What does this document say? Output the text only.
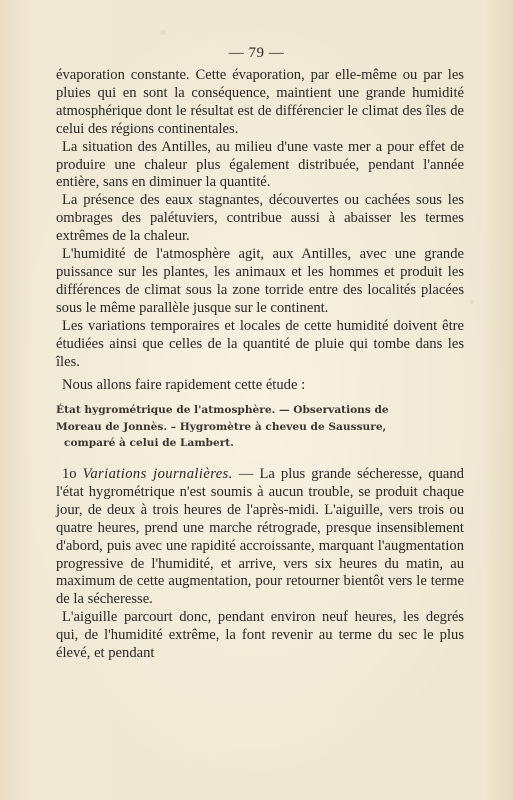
— 79 —

évaporation constante. Cette évaporation, par elle-même ou par les pluies qui en sont la conséquence, maintient une grande humidité atmosphérique dont le résultat est de différencier le climat des îles de celui des régions continentales.

La situation des Antilles, au milieu d'une vaste mer a pour effet de produire une chaleur plus également distribuée, pendant l'année entière, sans en diminuer la quantité.

La présence des eaux stagnantes, découvertes ou cachées sous les ombrages des palétuviers, contribue aussi à abaisser les termes extrêmes de la chaleur.

L'humidité de l'atmosphère agit, aux Antilles, avec une grande puissance sur les plantes, les animaux et les hommes et produit les différences de climat sous la zone torride entre des localités placées sous le même parallèle jusque sur le continent.

Les variations temporaires et locales de cette humidité doivent être étudiées ainsi que celles de la quantité de pluie qui tombe dans les îles.

Nous allons faire rapidement cette étude :

État hygrométrique de l'atmosphère. — Observations de
Moreau de Jonnès. – Hygromètre à cheveu de Saussure,
comparé à celui de Lambert.

1o Variations journalières. — La plus grande sécheresse, quand l'état hygrométrique n'est soumis à aucun trouble, se produit chaque jour, de deux à trois heures de l'après-midi. L'aiguille, vers trois ou quatre heures, prend une marche rétrograde, presque insensiblement d'abord, puis avec une rapidité accroissante, marquant l'augmentation progressive de l'humidité, et arrive, vers six heures du matin, au maximum de cette augmentation, pour retourner bientôt vers le terme de la sécheresse.

L'aiguille parcourt donc, pendant environ neuf heures, les degrés qui, de l'humidité extrême, la font revenir au terme du sec le plus élevé, et pendant
